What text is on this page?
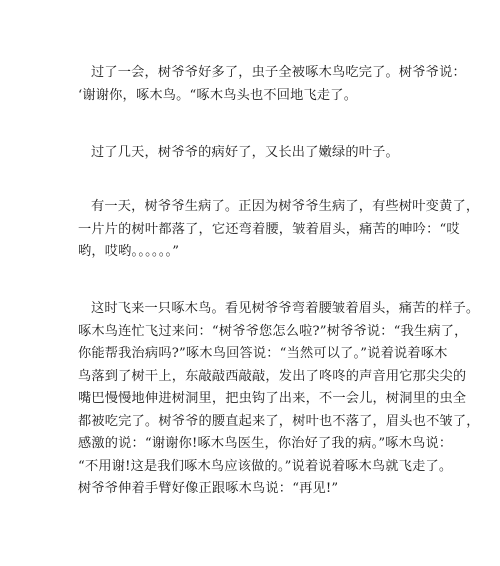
过了一会，树爷爷好多了，虫子全被啄木鸟吃完了。树爷爷说：
‘谢谢你，啄木鸟。“啄木鸟头也不回地飞走了。
过了几天，树爷爷的病好了，又长出了嫩绿的叶子。
有一天，树爷爷生病了。正因为树爷爷生病了，有些树叶变黄了，
一片片的树叶都落了，它还弯着腰，皱着眉头，痛苦的呻吟：“哎
哟，哎哟。。。。。。”
这时飞来一只啄木鸟。看见树爷爷弯着腰皱着眉头，痛苦的样子。
啄木鸟连忙飞过来问：“树爷爷您怎么啦?”树爷爷说：“我生病了，
你能帮我治病吗?”啄木鸟回答说：“当然可以了。”说着说着啄木
鸟落到了树干上，东敲敲西敲敲，发出了咚咚的声音用它那尖尖的
嘴巴慢慢地伸进树洞里，把虫钩了出来，不一会儿，树洞里的虫全
都被吃完了。树爷爷的腰直起来了，树叶也不落了，眉头也不皱了，
感激的说：“谢谢你!啄木鸟医生，你治好了我的病。”啄木鸟说：
“不用谢!这是我们啄木鸟应该做的。”说着说着啄木鸟就飞走了。
树爷爷伸着手臂好像正跟啄木鸟说：“再见!”
